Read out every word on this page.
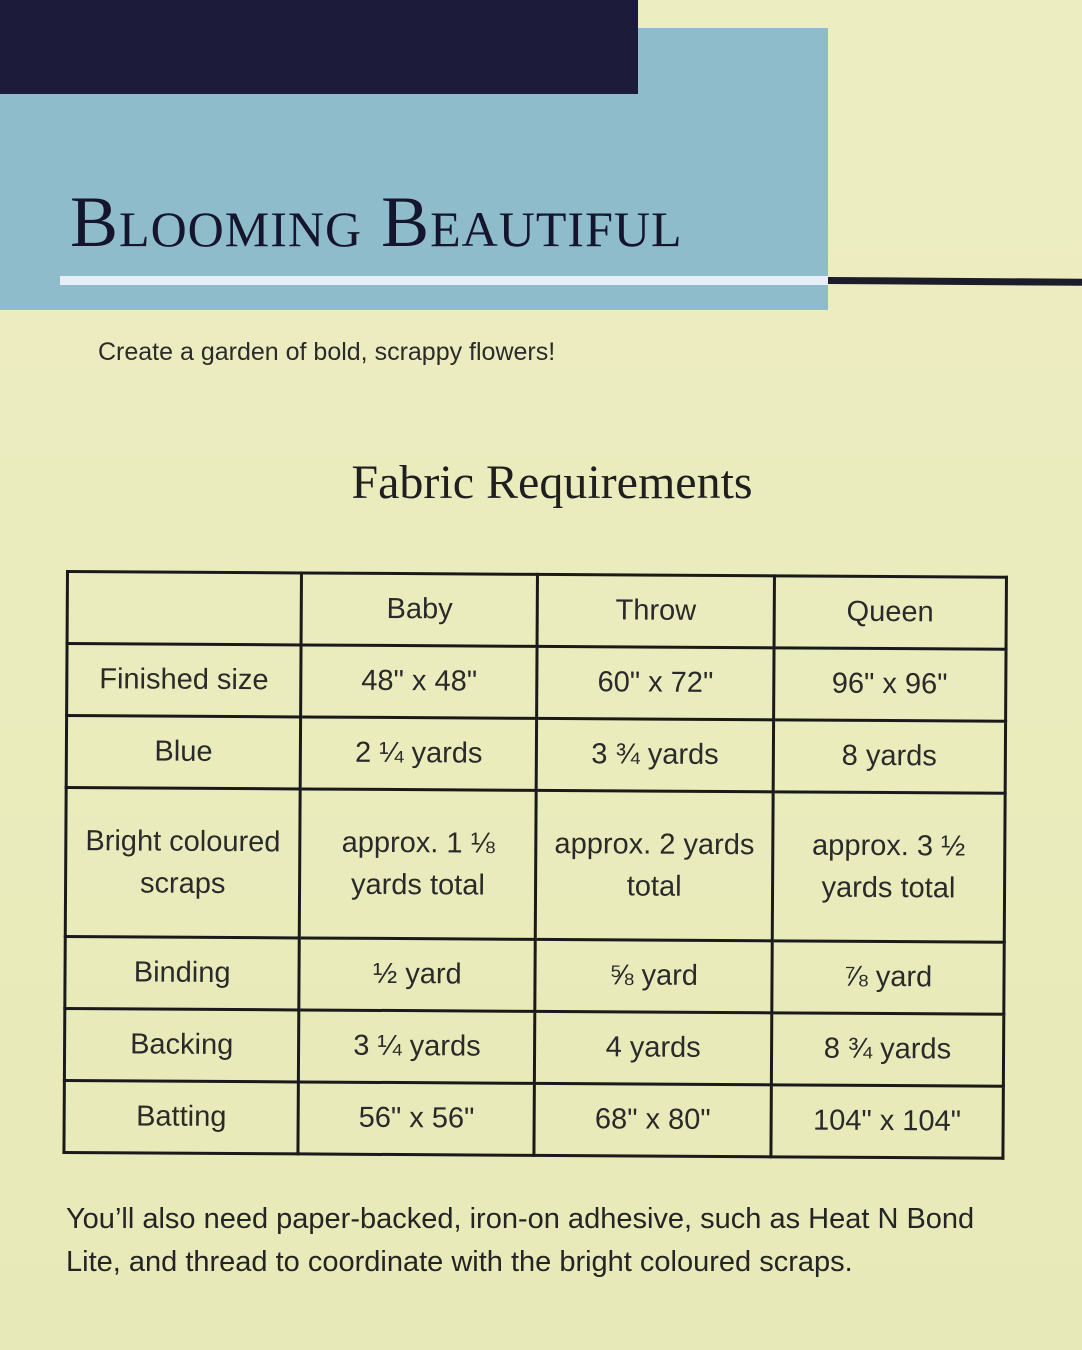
Blooming Beautiful

Create a garden of bold, scrappy flowers!

Fabric Requirements
	Baby	Throw	Queen
Finished size	48" x 48"	60" x 72"	96" x 96"
Blue	2 ¼ yards	3 ¾ yards	8 yards
Bright coloured scraps	approx. 1 ⅛ yards total	approx. 2 yards total	approx. 3 ½ yards total
Binding	½ yard	⅝ yard	⅞ yard
Backing	3 ¼ yards	4 yards	8 ¾ yards
Batting	56" x 56"	68" x 80"	104" x 104"

You’ll also need paper-backed, iron-on adhesive, such as Heat N Bond Lite, and thread to coordinate with the bright coloured scraps.
